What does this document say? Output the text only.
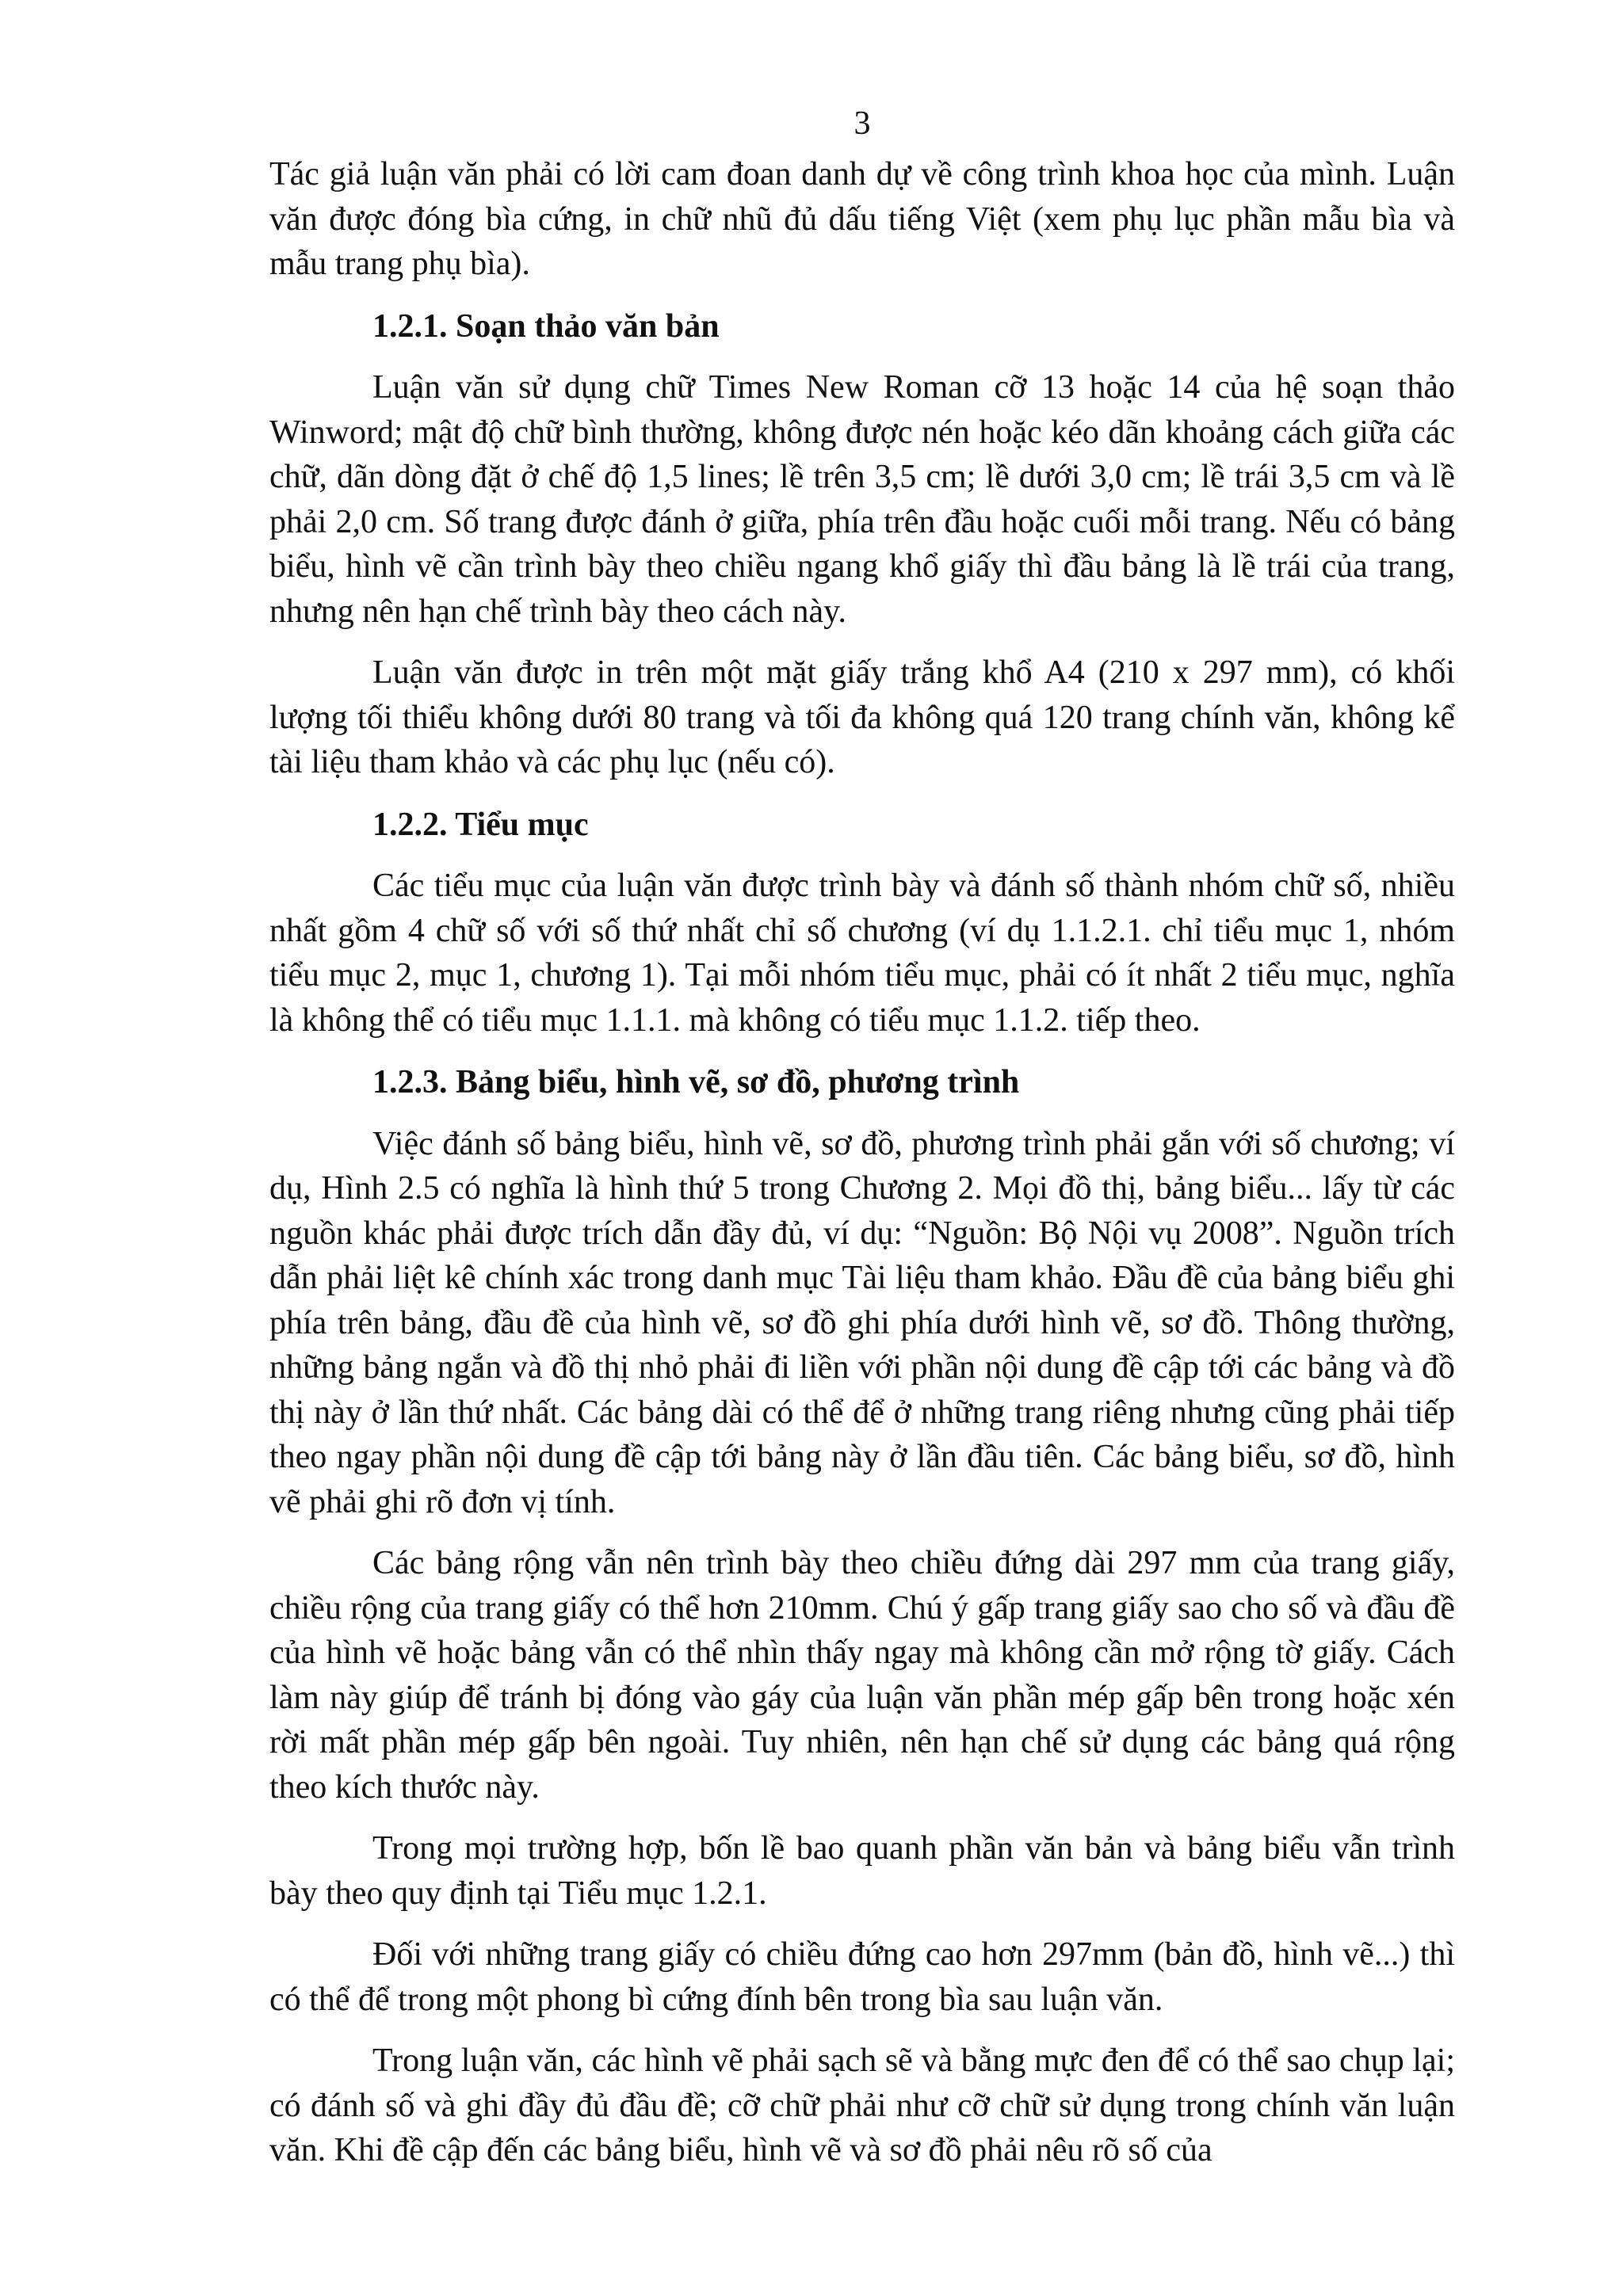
3

Tác giả luận văn phải có lời cam đoan danh dự về công trình khoa học của mình. Luận văn được đóng bìa cứng, in chữ nhũ đủ dấu tiếng Việt (xem phụ lục phần mẫu bìa và mẫu trang phụ bìa).

1.2.1. Soạn thảo văn bản

Luận văn sử dụng chữ Times New Roman cỡ 13 hoặc 14 của hệ soạn thảo Winword; mật độ chữ bình thường, không được nén hoặc kéo dãn khoảng cách giữa các chữ, dãn dòng đặt ở chế độ 1,5 lines; lề trên 3,5 cm; lề dưới 3,0 cm; lề trái 3,5 cm và lề phải 2,0 cm. Số trang được đánh ở giữa, phía trên đầu hoặc cuối mỗi trang. Nếu có bảng biểu, hình vẽ cần trình bày theo chiều ngang khổ giấy thì đầu bảng là lề trái của trang, nhưng nên hạn chế trình bày theo cách này.

Luận văn được in trên một mặt giấy trắng khổ A4 (210 x 297 mm), có khối lượng tối thiểu không dưới 80 trang và tối đa không quá 120 trang chính văn, không kể tài liệu tham khảo và các phụ lục (nếu có).

1.2.2. Tiểu mục

Các tiểu mục của luận văn được trình bày và đánh số thành nhóm chữ số, nhiều nhất gồm 4 chữ số với số thứ nhất chỉ số chương (ví dụ 1.1.2.1. chỉ tiểu mục 1, nhóm tiểu mục 2, mục 1, chương 1). Tại mỗi nhóm tiểu mục, phải có ít nhất 2 tiểu mục, nghĩa là không thể có tiểu mục 1.1.1. mà không có tiểu mục 1.1.2. tiếp theo.

1.2.3. Bảng biểu, hình vẽ, sơ đồ, phương trình

Việc đánh số bảng biểu, hình vẽ, sơ đồ, phương trình phải gắn với số chương; ví dụ, Hình 2.5 có nghĩa là hình thứ 5 trong Chương 2. Mọi đồ thị, bảng biểu... lấy từ các nguồn khác phải được trích dẫn đầy đủ, ví dụ: “Nguồn: Bộ Nội vụ 2008”. Nguồn trích dẫn phải liệt kê chính xác trong danh mục Tài liệu tham khảo. Đầu đề của bảng biểu ghi phía trên bảng, đầu đề của hình vẽ, sơ đồ ghi phía dưới hình vẽ, sơ đồ. Thông thường, những bảng ngắn và đồ thị nhỏ phải đi liền với phần nội dung đề cập tới các bảng và đồ thị này ở lần thứ nhất. Các bảng dài có thể để ở những trang riêng nhưng cũng phải tiếp theo ngay phần nội dung đề cập tới bảng này ở lần đầu tiên. Các bảng biểu, sơ đồ, hình vẽ phải ghi rõ đơn vị tính.

Các bảng rộng vẫn nên trình bày theo chiều đứng dài 297 mm của trang giấy, chiều rộng của trang giấy có thể hơn 210mm. Chú ý gấp trang giấy sao cho số và đầu đề của hình vẽ hoặc bảng vẫn có thể nhìn thấy ngay mà không cần mở rộng tờ giấy. Cách làm này giúp để tránh bị đóng vào gáy của luận văn phần mép gấp bên trong hoặc xén rời mất phần mép gấp bên ngoài. Tuy nhiên, nên hạn chế sử dụng các bảng quá rộng theo kích thước này.

Trong mọi trường hợp, bốn lề bao quanh phần văn bản và bảng biểu vẫn trình bày theo quy định tại Tiểu mục 1.2.1.

Đối với những trang giấy có chiều đứng cao hơn 297mm (bản đồ, hình vẽ...) thì có thể để trong một phong bì cứng đính bên trong bìa sau luận văn.

Trong luận văn, các hình vẽ phải sạch sẽ và bằng mực đen để có thể sao chụp lại; có đánh số và ghi đầy đủ đầu đề; cỡ chữ phải như cỡ chữ sử dụng trong chính văn luận văn. Khi đề cập đến các bảng biểu, hình vẽ và sơ đồ phải nêu rõ số của
